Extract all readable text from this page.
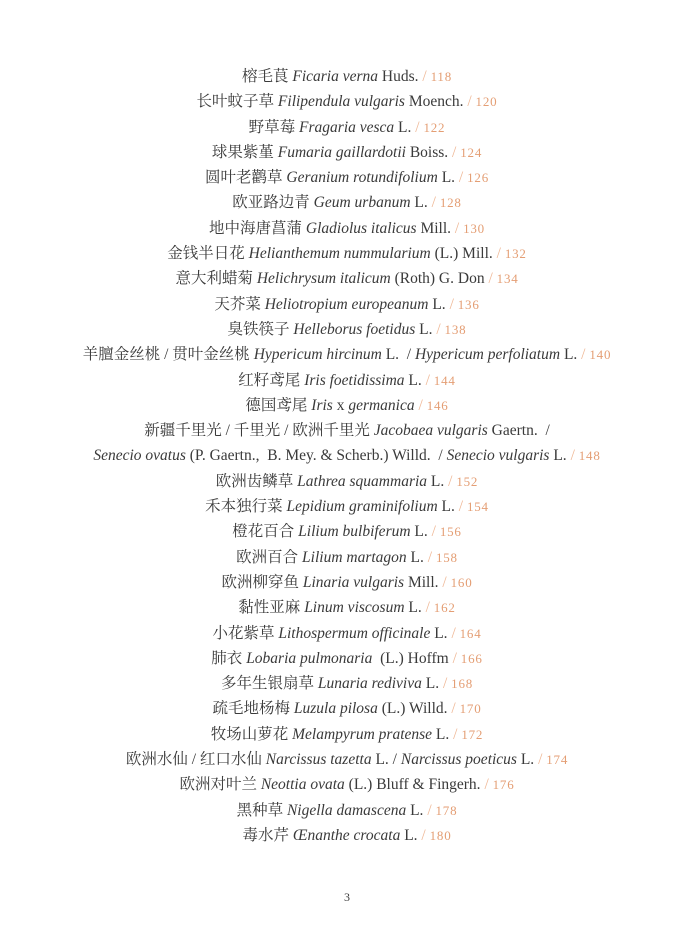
榕毛茛 Ficaria verna Huds. / 118
长叶蚊子草 Filipendula vulgaris Moench. / 120
野草莓 Fragaria vesca L. / 122
球果紫堇 Fumaria gaillardotii Boiss. / 124
圆叶老鹳草 Geranium rotundifolium L. / 126
欧亚路边青 Geum urbanum L. / 128
地中海唐菖蒲 Gladiolus italicus Mill. / 130
金钱半日花 Helianthemum nummularium (L.) Mill. / 132
意大利蜡菊 Helichrysum italicum (Roth) G. Don / 134
天芥菜 Heliotropium europeanum L. / 136
臭铁筷子 Helleborus foetidus L. / 138
羊膻金丝桃 / 贯叶金丝桃 Hypericum hircinum L.  / Hypericum perfoliatum L. / 140
红籽鸢尾 Iris foetidissima L. / 144
德国鸢尾 Iris x germanica / 146
新疆千里光 / 千里光 / 欧洲千里光 Jacobaea vulgaris Gaertn.  /
Senecio ovatus (P. Gaertn.,  B. Mey. & Scherb.) Willd.  / Senecio vulgaris L. / 148
欧洲齿鳞草 Lathrea squammaria L. / 152
禾本独行菜 Lepidium graminifolium L. / 154
橙花百合 Lilium bulbiferum L. / 156
欧洲百合 Lilium martagon L. / 158
欧洲柳穿鱼 Linaria vulgaris Mill. / 160
黏性亚麻 Linum viscosum L. / 162
小花紫草 Lithospermum officinale L. / 164
肺衣 Lobaria pulmonaria  (L.) Hoffm / 166
多年生银扇草 Lunaria rediviva L. / 168
疏毛地杨梅 Luzula pilosa (L.) Willd. / 170
牧场山萝花 Melampyrum pratense L. / 172
欧洲水仙 / 红口水仙 Narcissus tazetta L. / Narcissus poeticus L. / 174
欧洲对叶兰 Neottia ovata (L.) Bluff & Fingerh. / 176
黑种草 Nigella damascena L. / 178
毒水芹 Œnanthe crocata L. / 180
3
